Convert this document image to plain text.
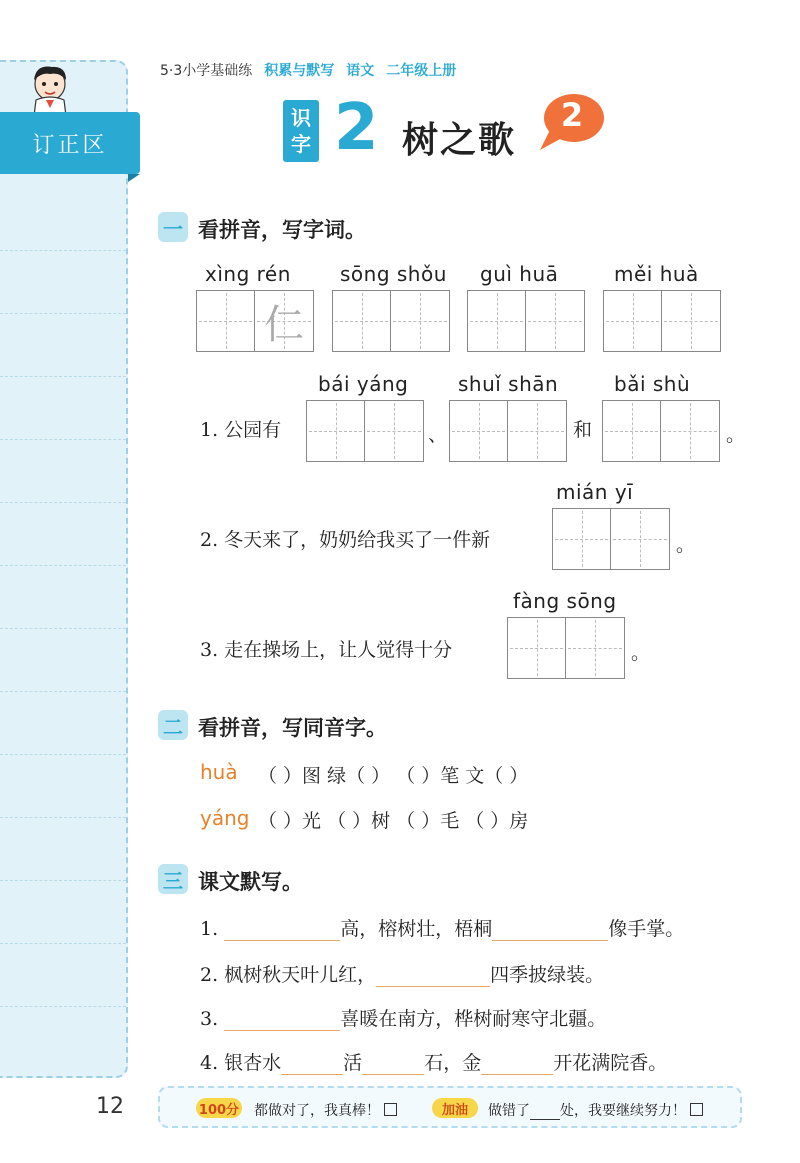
订正区
5·3小学基础练 积累与默写 语文 二年级上册
识
字 2 树之歌
2
一 看拼音，写字词。
xìng rén
仁
sōng shǒu guì huā	měi huà
bái yáng shuǐ shān	bǎi shù
1. 公园有	、	和	。
mián yī
2. 冬天来了，奶奶给我买了一件新	。
fàng sōng
3. 走在操场上，让人觉得十分	。
二 看拼音，写同音字。
huà （ ）图 绿（ ） （ ）笔 文（ ）
yáng （ ）光 （ ）树 （ ）毛 （ ）房
三 课文默写。
1.	高，榕树壮，梧桐	像手掌。
2. 枫树秋天叶儿红，	四季披绿装。
3.	喜暖在南方，桦树耐寒守北疆。
4. 银杏水	活	石，金	开花满院香。
12	100分 都做对了，我真棒！	加油	做错了 处，我要继续努力！
